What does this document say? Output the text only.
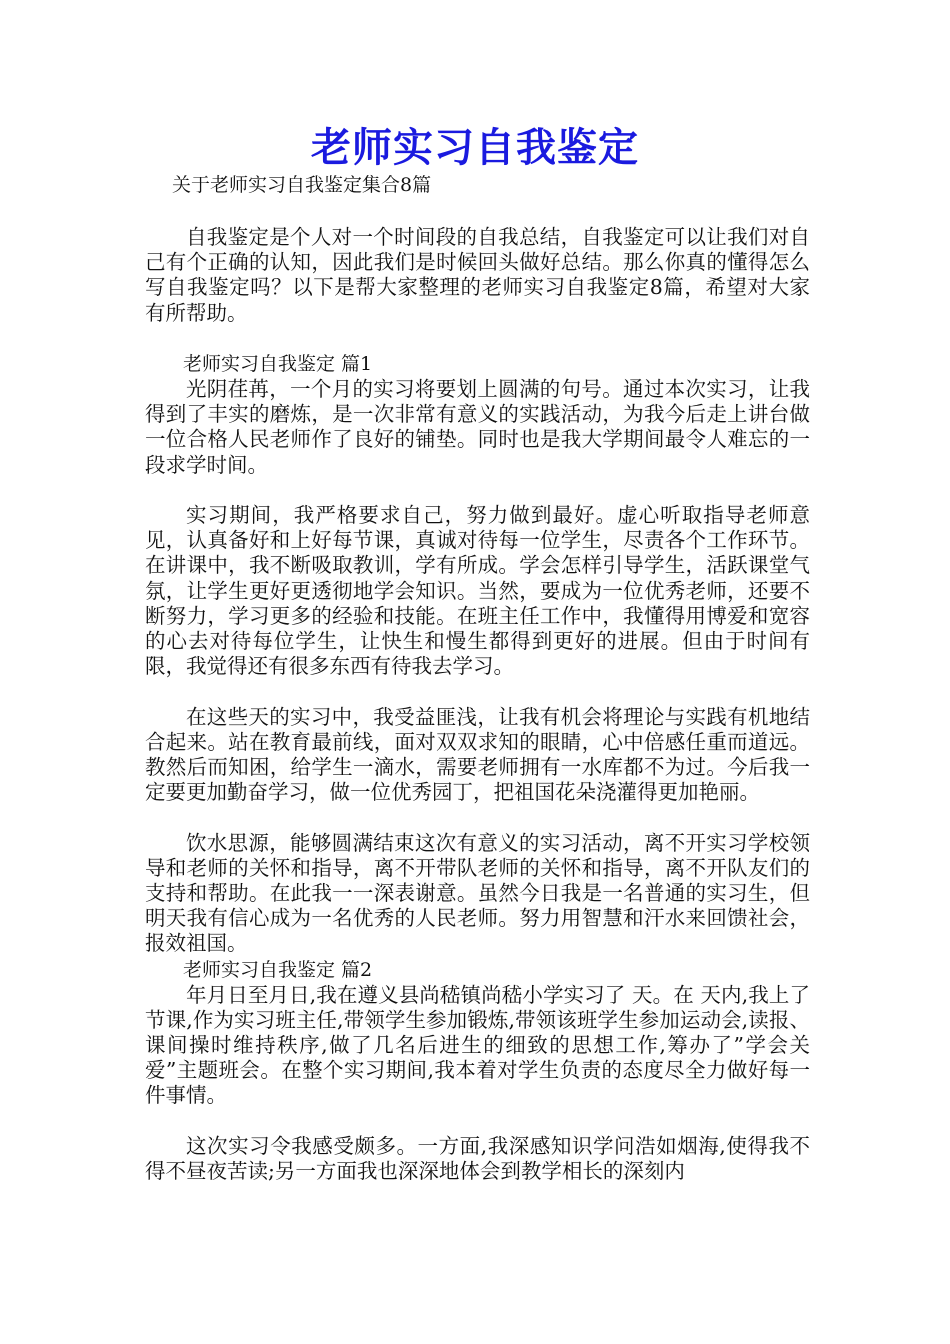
老师实习自我鉴定
关于老师实习自我鉴定集合8篇

自我鉴定是个人对一个时间段的自我总结，自我鉴定可以让我们对自己有个正确的认知，因此我们是时候回头做好总结。那么你真的懂得怎么写自我鉴定吗？以下是帮大家整理的老师实习自我鉴定8篇，希望对大家有所帮助。

老师实习自我鉴定 篇1

光阴荏苒，一个月的实习将要划上圆满的句号。通过本次实习，让我得到了丰实的磨炼，是一次非常有意义的实践活动，为我今后走上讲台做一位合格人民老师作了良好的铺垫。同时也是我大学期间最令人难忘的一段求学时间。

实习期间，我严格要求自己，努力做到最好。虚心听取指导老师意见，认真备好和上好每节课，真诚对待每一位学生，尽责各个工作环节。在讲课中，我不断吸取教训，学有所成。学会怎样引导学生，活跃课堂气氛，让学生更好更透彻地学会知识。当然，要成为一位优秀老师，还要不断努力，学习更多的经验和技能。在班主任工作中，我懂得用博爱和宽容的心去对待每位学生，让快生和慢生都得到更好的进展。但由于时间有限，我觉得还有很多东西有待我去学习。

在这些天的实习中，我受益匪浅，让我有机会将理论与实践有机地结合起来。站在教育最前线，面对双双求知的眼睛，心中倍感任重而道远。教然后而知困，给学生一滴水，需要老师拥有一水库都不为过。今后我一定要更加勤奋学习，做一位优秀园丁，把祖国花朵浇灌得更加艳丽。

饮水思源，能够圆满结束这次有意义的实习活动，离不开实习学校领导和老师的关怀和指导，离不开带队老师的关怀和指导，离不开队友们的支持和帮助。在此我一一深表谢意。虽然今日我是一名普通的实习生，但明天我有信心成为一名优秀的人民老师。努力用智慧和汗水来回馈社会，报效祖国。

老师实习自我鉴定 篇2

年月日至月日,我在遵义县尚嵇镇尚嵇小学实习了 天。在 天内,我上了 节课,作为实习班主任,带领学生参加锻炼,带领该班学生参加运动会,读报、课间操时维持秩序,做了几名后进生的细致的思想工作,筹办了”学会关爱”主题班会。在整个实习期间,我本着对学生负责的态度尽全力做好每一件事情。

这次实习令我感受颇多。一方面,我深感知识学问浩如烟海,使得我不得不昼夜苦读;另一方面我也深深地体会到教学相长的深刻内
